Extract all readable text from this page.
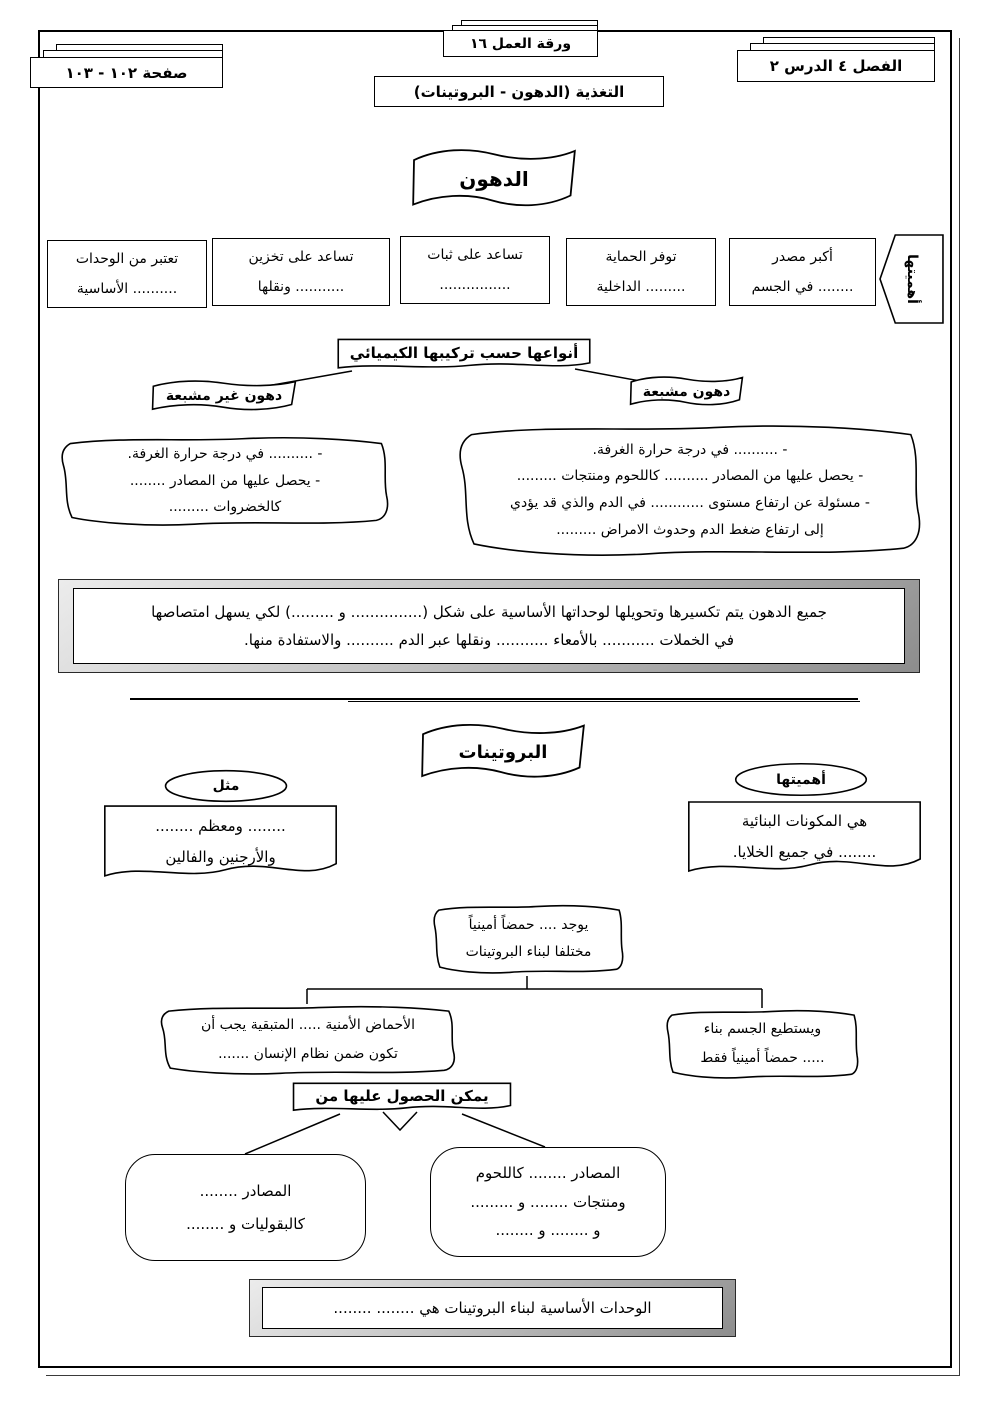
ورقة العمل ١٦
التغذية (الدهون - البروتينات)
صفحة ١٠٢ - ١٠٣	الفصل ٤ الدرس ٢
الدهون
أهميتها
أكبر مصدر
........ في الجسم
توفر الحماية
......... الداخلية
تساعد على ثبات
................
تساعد على تخزين
........... ونقلها
تعتبر من الوحدات
.......... الأساسية
أنواعها حسب تركيبها الكيميائي
دهون غير مشبعة	دهون مشبعة
- .......... في درجة حرارة الغرفة.
- يحصل عليها من المصادر ........
كالخضروات .........
- .......... في درجة حرارة الغرفة.
- يحصل عليها من المصادر .......... كاللحوم ومنتجات .........
- مسئولة عن ارتفاع مستوى ............ في الدم والذي قد يؤدي
إلى ارتفاع ضغط الدم وحدوث الامراض .........
جميع الدهون يتم تكسيرها وتحويلها لوحداتها الأساسية على شكل (............... و .........) لكي يسهل امتصاصها
في الخملات ........... بالأمعاء ........... ونقلها عبر الدم .......... والاستفادة منها.
البروتينات
أهميتها
هي المكونات البنائية
........ في جميع الخلايا.
مثل
........ ومعظم ........
والأرجنين والفالين
يوجد .... حمضاً أمينياً
مختلفا لبناء البروتينات
الأحماض الأمنية ..... المتبقية يجب أن
تكون ضمن نظام الإنسان .......
ويستطيع الجسم بناء
..... حمضاً أمينياً فقط
يمكن الحصول عليها من
المصادر ........
كالبقوليات و ........
المصادر ........ كاللحوم
ومنتجات ........ و .........
و ........ و ........
الوحدات الأساسية لبناء البروتينات هي ........ ........
